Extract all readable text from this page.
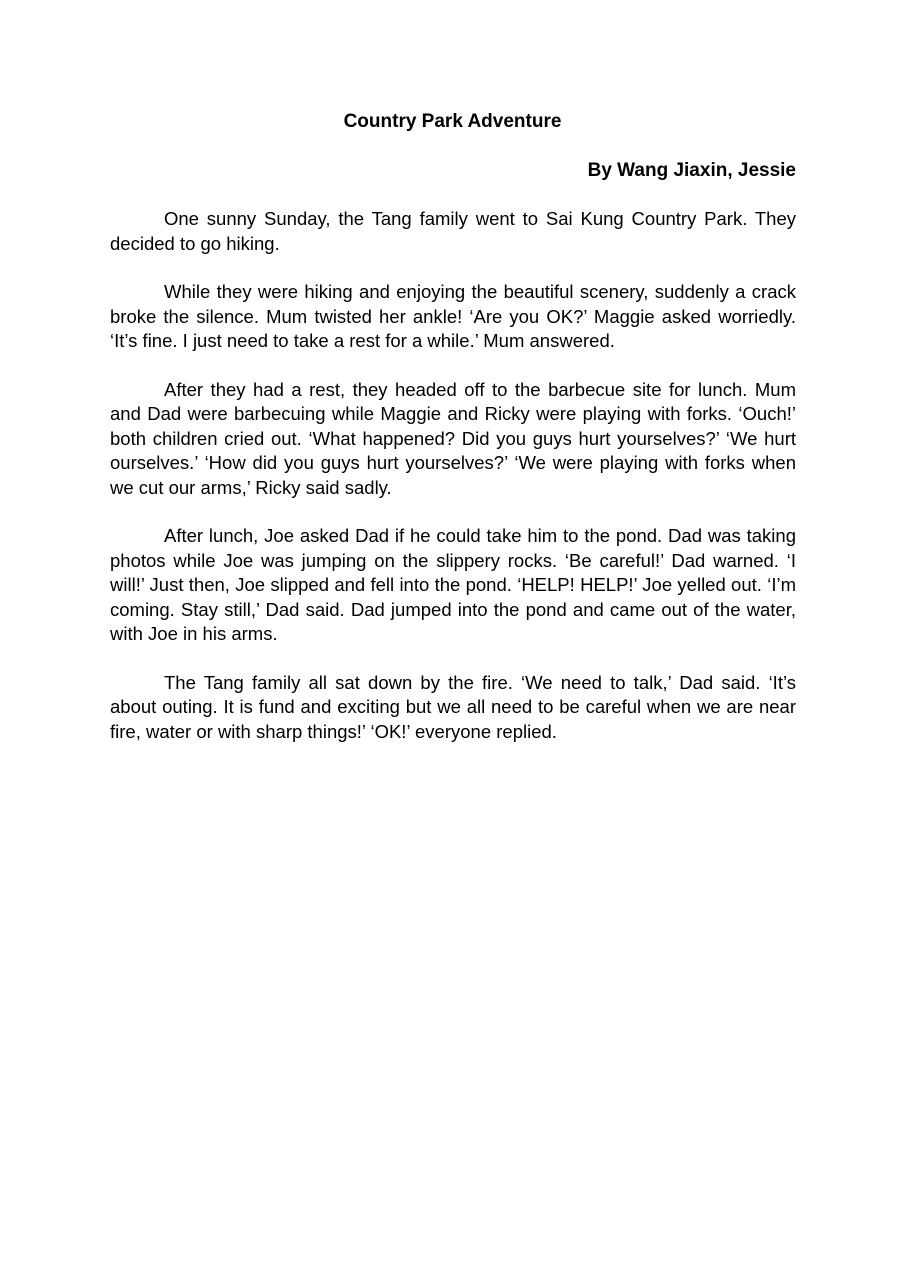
Country Park Adventure
By Wang Jiaxin, Jessie

One sunny Sunday, the Tang family went to Sai Kung Country Park. They decided to go hiking.

While they were hiking and enjoying the beautiful scenery, suddenly a crack broke the silence. Mum twisted her ankle! ‘Are you OK?’ Maggie asked worriedly. ‘It’s fine. I just need to take a rest for a while.’ Mum answered.

After they had a rest, they headed off to the barbecue site for lunch. Mum and Dad were barbecuing while Maggie and Ricky were playing with forks. ‘Ouch!’ both children cried out. ‘What happened? Did you guys hurt yourselves?’ ‘We hurt ourselves.’ ‘How did you guys hurt yourselves?’ ‘We were playing with forks when we cut our arms,’ Ricky said sadly.

After lunch, Joe asked Dad if he could take him to the pond. Dad was taking photos while Joe was jumping on the slippery rocks. ‘Be careful!’ Dad warned. ‘I will!’ Just then, Joe slipped and fell into the pond. ‘HELP! HELP!’ Joe yelled out. ‘I’m coming. Stay still,’ Dad said. Dad jumped into the pond and came out of the water, with Joe in his arms.

The Tang family all sat down by the fire. ‘We need to talk,’ Dad said. ‘It’s about outing. It is fund and exciting but we all need to be careful when we are near fire, water or with sharp things!’ ‘OK!’ everyone replied.
